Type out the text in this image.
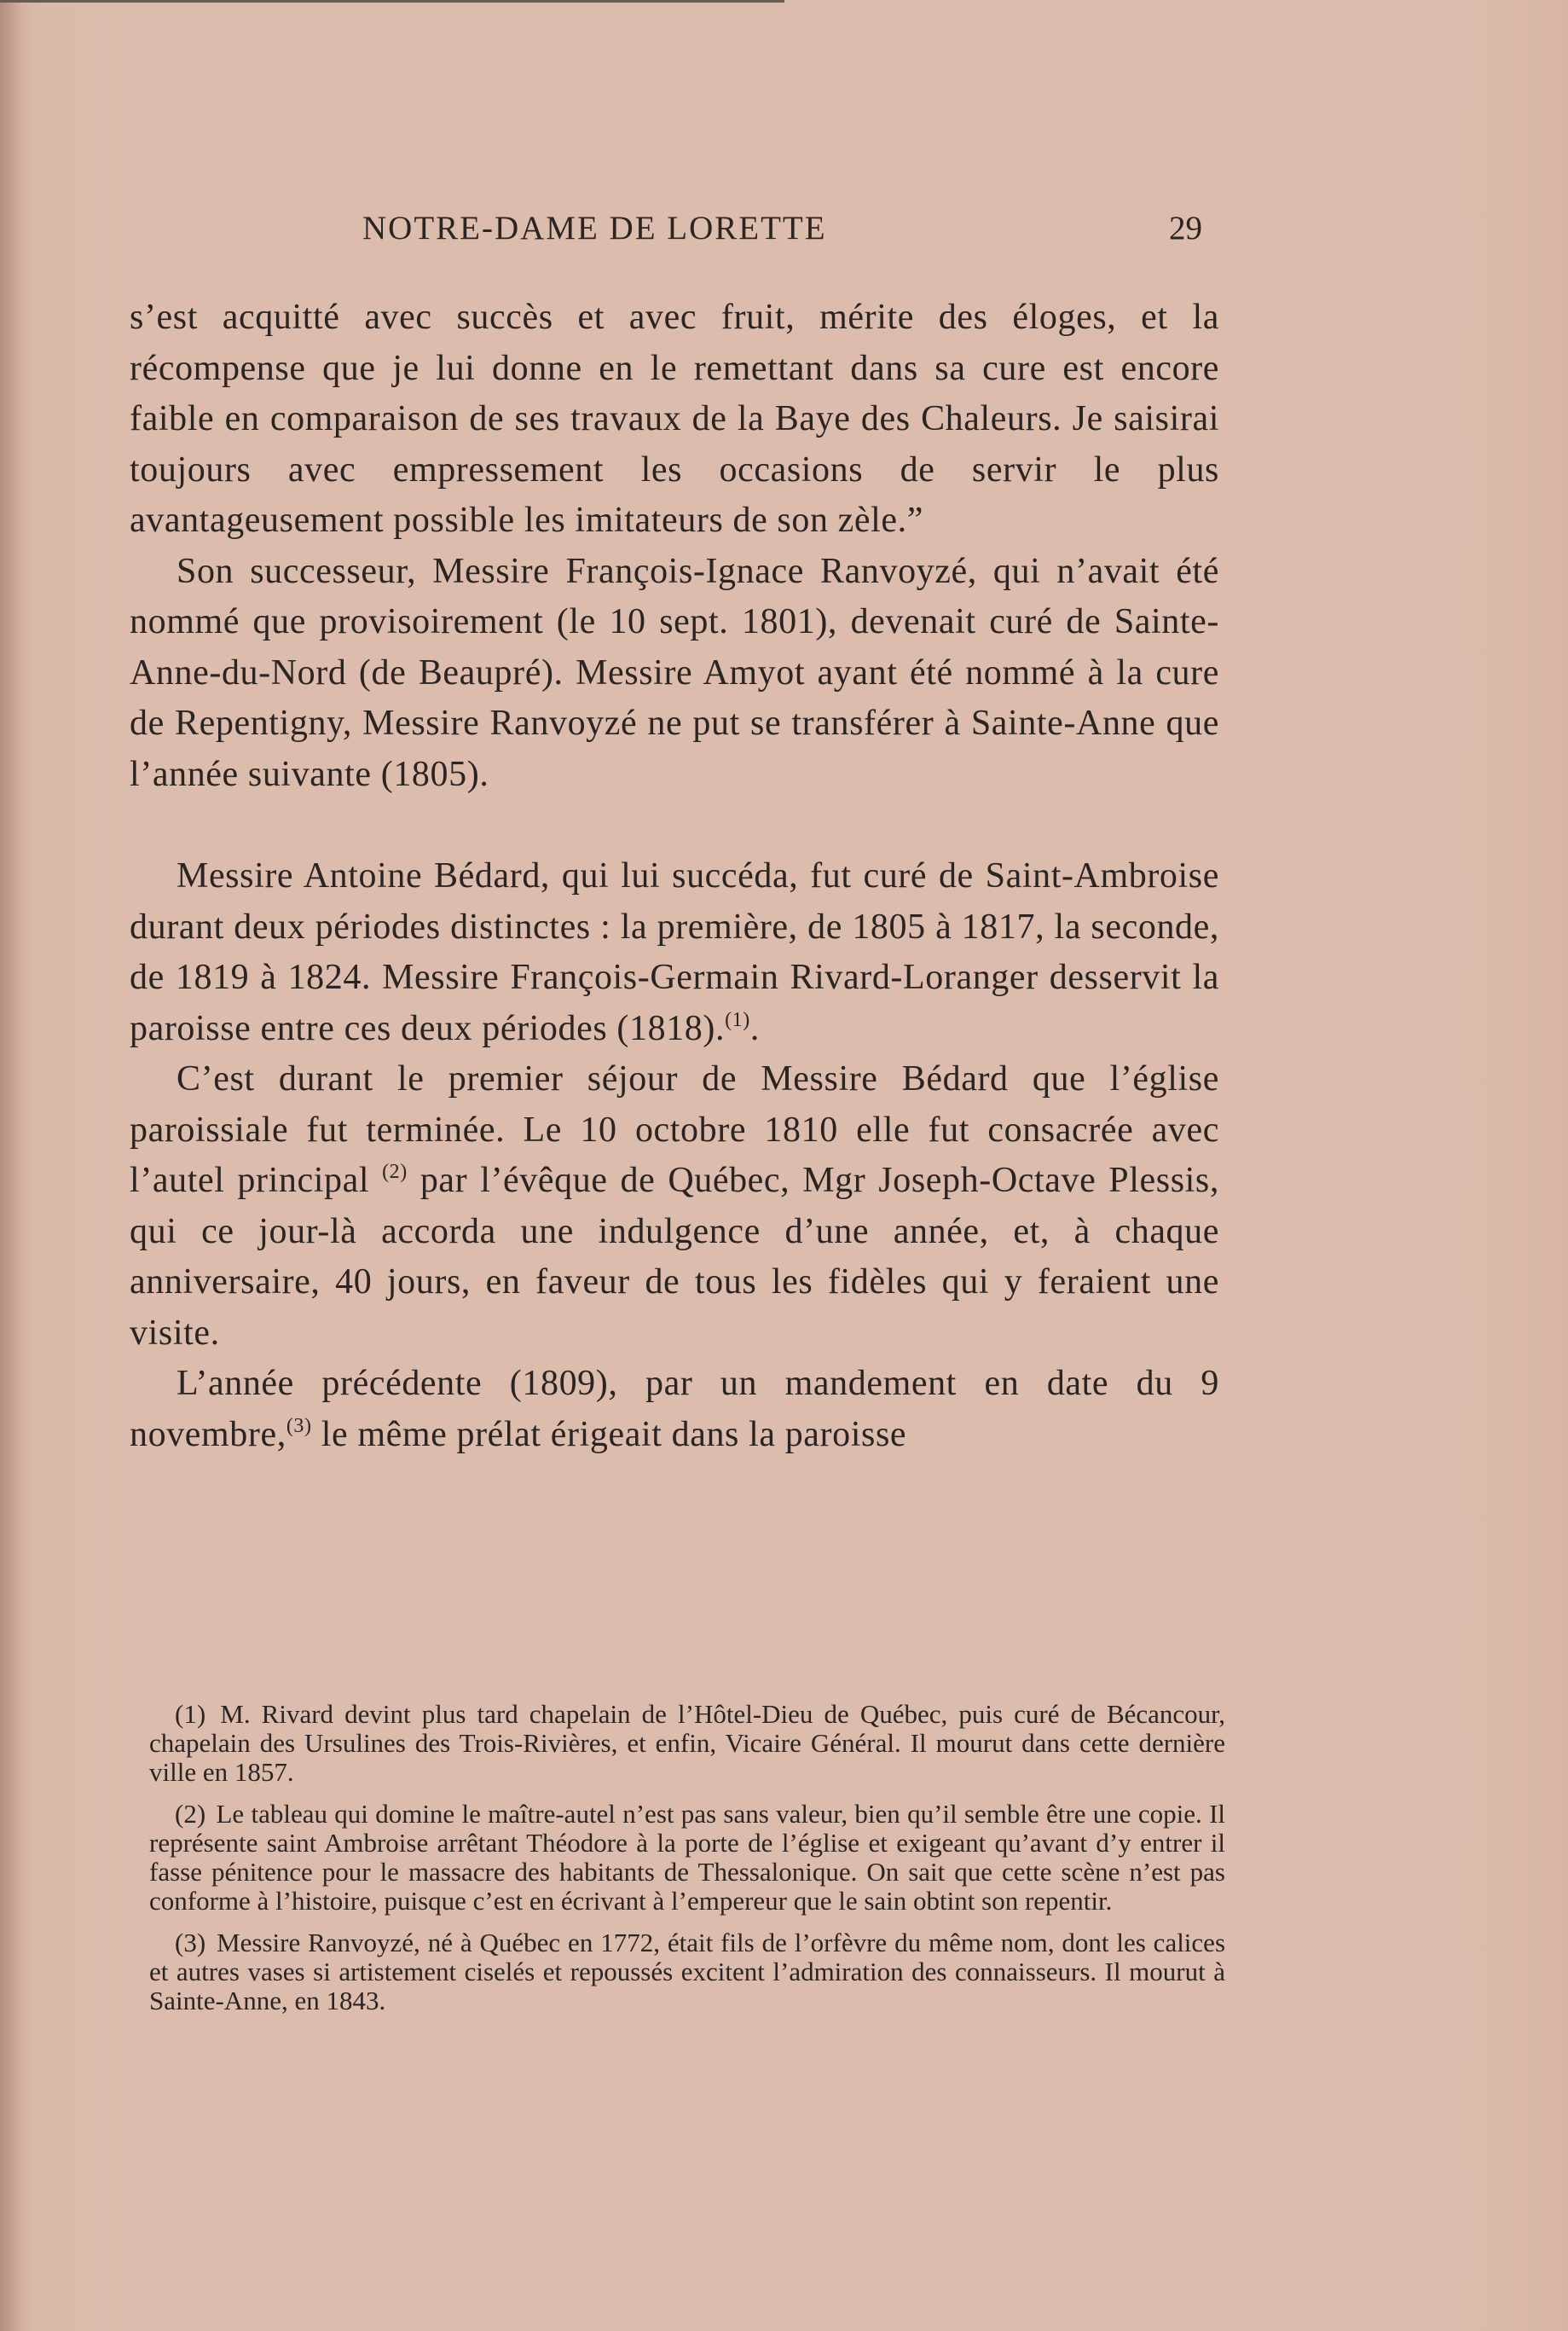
NOTRE-DAME DE LORETTE	29

s’est acquitté avec succès et avec fruit, mérite des éloges, et la récompense que je lui donne en le remettant dans sa cure est encore faible en comparaison de ses travaux de la Baye des Chaleurs. Je saisirai toujours avec empressement les occasions de servir le plus avantageusement possible les imitateurs de son zèle.”

Son successeur, Messire François-Ignace Ranvoyzé, qui n’avait été nommé que provisoirement (le 10 sept. 1801), devenait curé de Sainte-Anne-du-Nord (de Beaupré). Messire Amyot ayant été nommé à la cure de Repentigny, Messire Ranvoyzé ne put se transférer à Sainte-Anne que l’année suivante (1805).

Messire Antoine Bédard, qui lui succéda, fut curé de Saint-Ambroise durant deux périodes distinctes : la première, de 1805 à 1817, la seconde, de 1819 à 1824. Messire François-Germain Rivard-Loranger desservit la paroisse entre ces deux périodes (1818).$^{(1)}$.

C’est durant le premier séjour de Messire Bédard que l’église paroissiale fut terminée. Le 10 octobre 1810 elle fut consacrée avec l’autel principal $^{(2)}$ par l’évêque de Québec, Mgr Joseph-Octave Plessis, qui ce jour-là accorda une indulgence d’une année, et, à chaque anniversaire, 40 jours, en faveur de tous les fidèles qui y feraient une visite.

L’année précédente (1809), par un mandement en date du 9 novembre,$^{(3)}$ le même prélat érigeait dans la paroisse

(1) M. Rivard devint plus tard chapelain de l’Hôtel-Dieu de Québec, puis curé de Bécancour, chapelain des Ursulines des Trois-Rivières, et enfin, Vicaire Général. Il mourut dans cette dernière ville en 1857.

(2) Le tableau qui domine le maître-autel n’est pas sans valeur, bien qu’il semble être une copie. Il représente saint Ambroise arrêtant Théodore à la porte de l’église et exigeant qu’avant d’y entrer il fasse pénitence pour le massacre des habitants de Thessalonique. On sait que cette scène n’est pas conforme à l’histoire, puisque c’est en écrivant à l’empereur que le sain obtint son repentir.

(3) Messire Ranvoyzé, né à Québec en 1772, était fils de l’orfèvre du même nom, dont les calices et autres vases si artistement ciselés et repoussés excitent l’admiration des connaisseurs. Il mourut à Sainte-Anne, en 1843.
